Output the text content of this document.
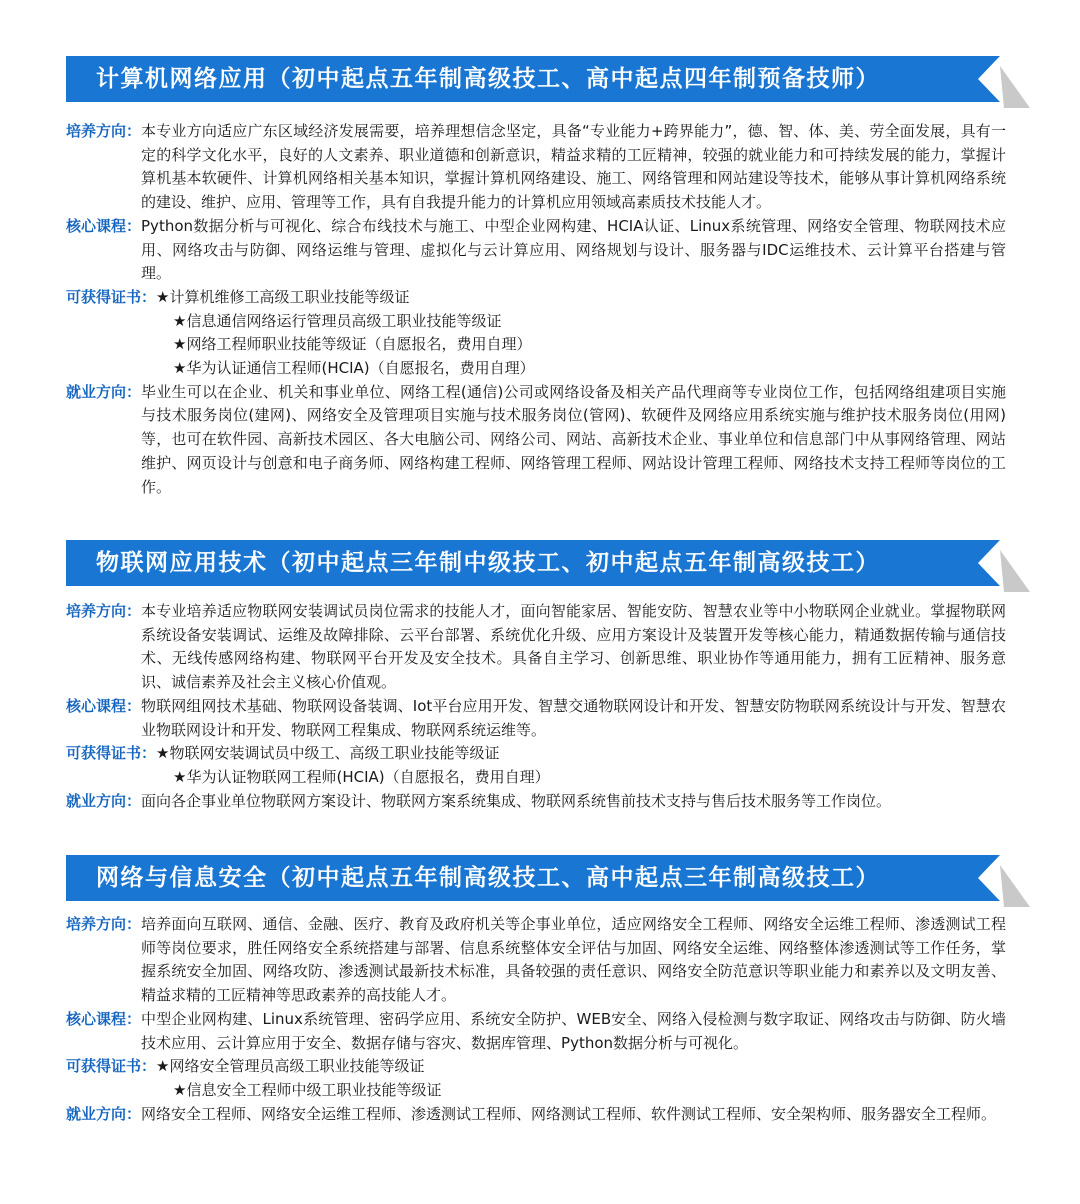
计算机网络应用（初中起点五年制高级技工、高中起点四年制预备技师）
培养方向： 本专业方向适应广东区域经济发展需要，培养理想信念坚定，具备“专业能力+跨界能力”，德、智、体、美、劳全面发展，具有一定的科学文化水平，良好的人文素养、职业道德和创新意识，精益求精的工匠精神，较强的就业能力和可持续发展的能力，掌握计算机基本软硬件、计算机网络相关基本知识，掌握计算机网络建设、施工、网络管理和网站建设等技术，能够从事计算机网络系统的建设、维护、应用、管理等工作，具有自我提升能力的计算机应用领域高素质技术技能人才。
核心课程： Python数据分析与可视化、综合布线技术与施工、中型企业网构建、HCIA认证、Linux系统管理、网络安全管理、物联网技术应用、网络攻击与防御、网络运维与管理、虚拟化与云计算应用、网络规划与设计、服务器与IDC运维技术、云计算平台搭建与管理。
可获得证书： ★计算机维修工高级工职业技能等级证
★信息通信网络运行管理员高级工职业技能等级证
★网络工程师职业技能等级证（自愿报名，费用自理）
★华为认证通信工程师(HCIA)（自愿报名，费用自理）
就业方向： 毕业生可以在企业、机关和事业单位、网络工程(通信)公司或网络设备及相关产品代理商等专业岗位工作，包括网络组建项目实施与技术服务岗位(建网)、网络安全及管理项目实施与技术服务岗位(管网)、软硬件及网络应用系统实施与维护技术服务岗位(用网)等，也可在软件园、高新技术园区、各大电脑公司、网络公司、网站、高新技术企业、事业单位和信息部门中从事网络管理、网站维护、网页设计与创意和电子商务师、网络构建工程师、网络管理工程师、网站设计管理工程师、网络技术支持工程师等岗位的工作。
物联网应用技术（初中起点三年制中级技工、初中起点五年制高级技工）
培养方向： 本专业培养适应物联网安装调试员岗位需求的技能人才，面向智能家居、智能安防、智慧农业等中小物联网企业就业。掌握物联网系统设备安装调试、运维及故障排除、云平台部署、系统优化升级、应用方案设计及装置开发等核心能力，精通数据传输与通信技术、无线传感网络构建、物联网平台开发及安全技术。具备自主学习、创新思维、职业协作等通用能力，拥有工匠精神、服务意识、诚信素养及社会主义核心价值观。
核心课程： 物联网组网技术基础、物联网设备装调、Iot平台应用开发、智慧交通物联网设计和开发、智慧安防物联网系统设计与开发、智慧农业物联网设计和开发、物联网工程集成、物联网系统运维等。
可获得证书： ★物联网安装调试员中级工、高级工职业技能等级证
★华为认证物联网工程师(HCIA)（自愿报名，费用自理）
就业方向： 面向各企事业单位物联网方案设计、物联网方案系统集成、物联网系统售前技术支持与售后技术服务等工作岗位。
网络与信息安全（初中起点五年制高级技工、高中起点三年制高级技工）
培养方向： 培养面向互联网、通信、金融、医疗、教育及政府机关等企事业单位，适应网络安全工程师、网络安全运维工程师、渗透测试工程师等岗位要求，胜任网络安全系统搭建与部署、信息系统整体安全评估与加固、网络安全运维、网络整体渗透测试等工作任务，掌握系统安全加固、网络攻防、渗透测试最新技术标准，具备较强的责任意识、网络安全防范意识等职业能力和素养以及文明友善、精益求精的工匠精神等思政素养的高技能人才。
核心课程： 中型企业网构建、Linux系统管理、密码学应用、系统安全防护、WEB安全、网络入侵检测与数字取证、网络攻击与防御、防火墙技术应用、云计算应用于安全、数据存储与容灾、数据库管理、Python数据分析与可视化。
可获得证书： ★网络安全管理员高级工职业技能等级证
★信息安全工程师中级工职业技能等级证
就业方向： 网络安全工程师、网络安全运维工程师、渗透测试工程师、网络测试工程师、软件测试工程师、安全架构师、服务器安全工程师。
